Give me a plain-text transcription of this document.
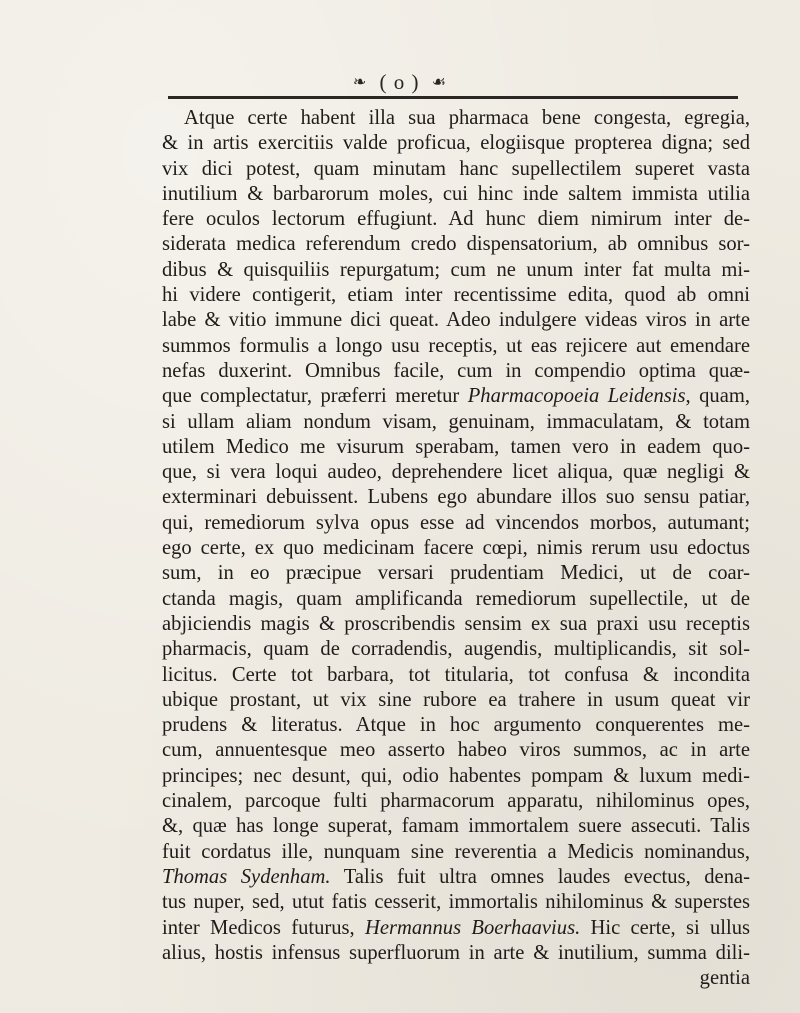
❧ ( o ) ☙
Atque certe habent illa sua pharmaca bene congesta, egregia,
& in artis exercitiis valde proficua, elogiisque propterea digna; sed
vix dici potest, quam minutam hanc supellectilem superet vasta
inutilium & barbarorum moles, cui hinc inde saltem immista utilia
fere oculos lectorum effugiunt. Ad hunc diem nimirum inter de-
siderata medica referendum credo dispensatorium, ab omnibus sor-
dibus & quisquiliis repurgatum; cum ne unum inter fat multa mi-
hi videre contigerit, etiam inter recentissime edita, quod ab omni
labe & vitio immune dici queat. Adeo indulgere videas viros in arte
summos formulis a longo usu receptis, ut eas rejicere aut emendare
nefas duxerint. Omnibus facile, cum in compendio optima quæ-
que complectatur, præferri meretur Pharmacopoeia Leidensis, quam,
si ullam aliam nondum visam, genuinam, immaculatam, & totam
utilem Medico me visurum sperabam, tamen vero in eadem quo-
que, si vera loqui audeo, deprehendere licet aliqua, quæ negligi &
exterminari debuissent. Lubens ego abundare illos suo sensu patiar,
qui, remediorum sylva opus esse ad vincendos morbos, autumant;
ego certe, ex quo medicinam facere cœpi, nimis rerum usu edoctus
sum, in eo præcipue versari prudentiam Medici, ut de coar-
ctanda magis, quam amplificanda remediorum supellectile, ut de
abjiciendis magis & proscribendis sensim ex sua praxi usu receptis
pharmacis, quam de corradendis, augendis, multiplicandis, sit sol-
licitus. Certe tot barbara, tot titularia, tot confusa & incondita
ubique prostant, ut vix sine rubore ea trahere in usum queat vir
prudens & literatus. Atque in hoc argumento conquerentes me-
cum, annuentesque meo asserto habeo viros summos, ac in arte
principes; nec desunt, qui, odio habentes pompam & luxum medi-
cinalem, parcoque fulti pharmacorum apparatu, nihilominus opes,
&, quæ has longe superat, famam immortalem suere assecuti. Talis
fuit cordatus ille, nunquam sine reverentia a Medicis nominandus,
Thomas Sydenham. Talis fuit ultra omnes laudes evectus, dena-
tus nuper, sed, utut fatis cesserit, immortalis nihilominus & superstes
inter Medicos futurus, Hermannus Boerhaavius. Hic certe, si ullus
alius, hostis infensus superfluorum in arte & inutilium, summa dili-
gentia
